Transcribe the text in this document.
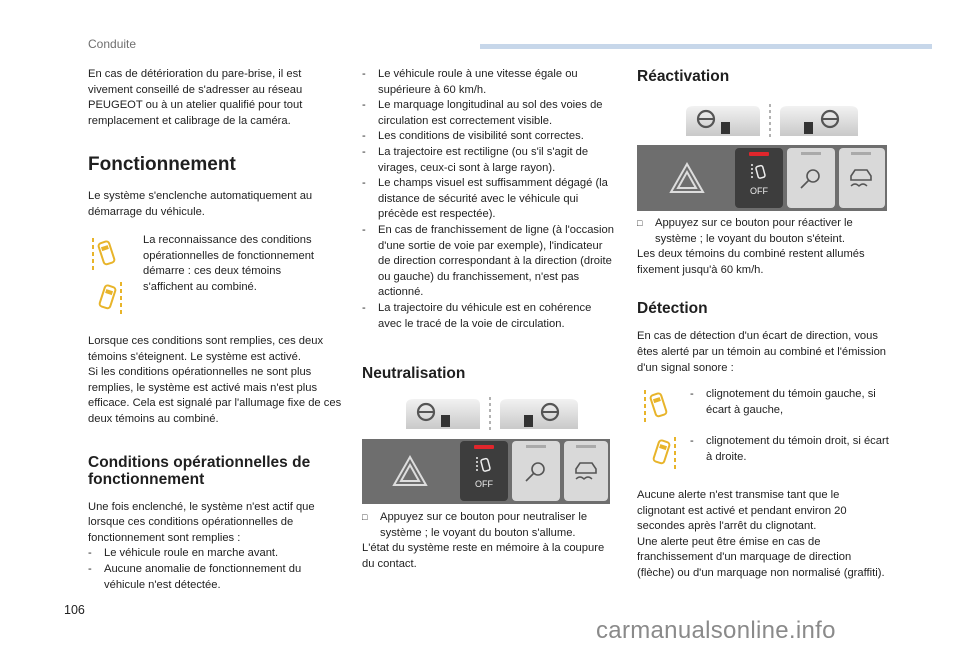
Conduite

En cas de détérioration du pare-brise, il est vivement conseillé de s'adresser au réseau PEUGEOT ou à un atelier qualifié pour tout remplacement et calibrage de la caméra.

Fonctionnement

Le système s'enclenche automatiquement au démarrage du véhicule.

La reconnaissance des conditions opérationnelles de fonctionnement démarre : ces deux témoins s'affichent au combiné.

Lorsque ces conditions sont remplies, ces deux témoins s'éteignent. Le système est activé.

Si les conditions opérationnelles ne sont plus remplies, le système est activé mais n'est plus efficace. Cela est signalé par l'allumage fixe de ces deux témoins au combiné.

Conditions opérationnelles de fonctionnement

Une fois enclenché, le système n'est actif que lorsque ces conditions opérationnelles de fonctionnement sont remplies :

-	Le véhicule roule en marche avant.
-	Aucune anomalie de fonctionnement du véhicule n'est détectée.
-	Le véhicule roule à une vitesse égale ou supérieure à 60 km/h.
-	Le marquage longitudinal au sol des voies de circulation est correctement visible.
-	Les conditions de visibilité sont correctes.
-	La trajectoire est rectiligne (ou s'il s'agit de virages, ceux-ci sont à large rayon).
-	Le champs visuel est suffisamment dégagé (la distance de sécurité avec le véhicule qui précède est respectée).
-	En cas de franchissement de ligne (à l'occasion d'une sortie de voie par exemple), l'indicateur de direction correspondant à la direction (droite ou gauche) du franchissement, n'est pas actionné.
-	La trajectoire du véhicule est en cohérence avec le tracé de la voie de circulation.
Neutralisation
OFF
□	Appuyez sur ce bouton pour neutraliser le système ; le voyant du bouton s'allume.

L'état du système reste en mémoire à la coupure du contact.

Réactivation
OFF
□	Appuyez sur ce bouton pour réactiver le système ; le voyant du bouton s'éteint.

Les deux témoins du combiné restent allumés fixement jusqu'à 60 km/h.

Détection

En cas de détection d'un écart de direction, vous êtes alerté par un témoin au combiné et l'émission d'un signal sonore :

-	clignotement du témoin gauche, si écart à gauche,
-	clignotement du témoin droit, si écart à droite.

Aucune alerte n'est transmise tant que le clignotant est activé et pendant environ 20 secondes après l'arrêt du clignotant.

Une alerte peut être émise en cas de franchissement d'un marquage de direction (flèche) ou d'un marquage non normalisé (graffiti).

106
carmanualsonline.info
